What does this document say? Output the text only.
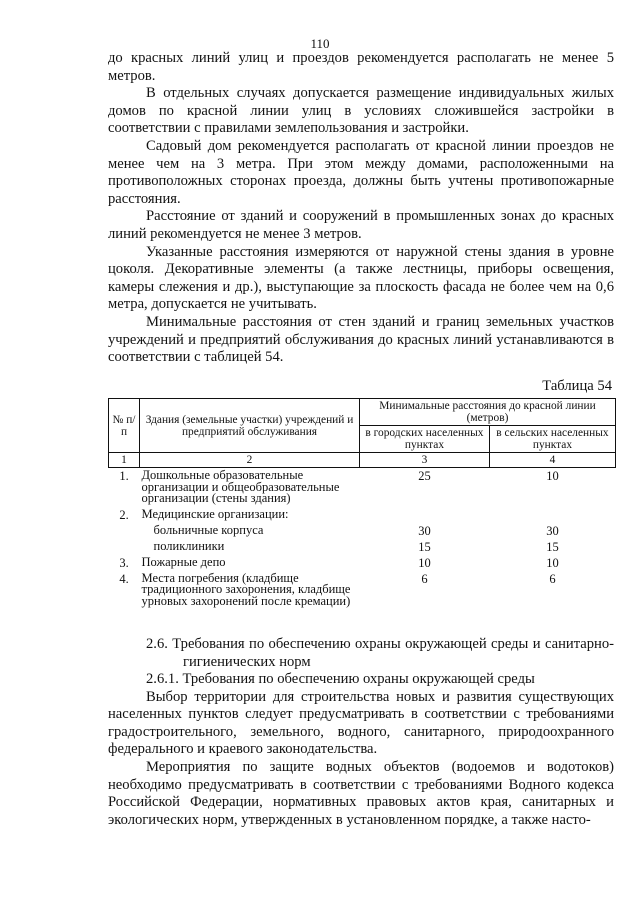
110

до красных линий улиц и проездов рекомендуется располагать не менее 5 метров.

В отдельных случаях допускается размещение индивидуальных жилых домов по красной линии улиц в условиях сложившейся застройки в соответствии с правилами землепользования и застройки.

Садовый дом рекомендуется располагать от красной линии проездов не менее чем на 3 метра. При этом между домами, расположенными на противоположных сторонах проезда, должны быть учтены противопожарные расстояния.

Расстояние от зданий и сооружений в промышленных зонах до красных линий рекомендуется не менее 3 метров.

Указанные расстояния измеряются от наружной стены здания в уровне цоколя. Декоративные элементы (а также лестницы, приборы освещения, камеры слежения и др.), выступающие за плоскость фасада не более чем на 0,6 метра, допускается не учитывать.

Минимальные расстояния от стен зданий и границ земельных участков учреждений и предприятий обслуживания до красных линий устанавливаются в соответствии с таблицей 54.

Таблица 54
№ п/п	Здания (земельные участки) учреждений и предприятий обслуживания	Минимальные расстояния до красной линии (метров)	
		в городских населенных пунктах	в сельских населенных пунктах
1	2	3	4
1.	Дошкольные образовательные организации и общеобразовательные организации (стены здания)	25	10
2.	Медицинские организации:		
	больничные корпуса	30	30
	поликлиники	15	15
3.	Пожарные депо	10	10
4.	Места погребения (кладбище традиционного захоронения, кладбище урновых захоронений после кремации)	6	6
2.6. Требования по обеспечению охраны окружающей среды и санитарно-гигиенических норм

2.6.1. Требования по обеспечению охраны окружающей среды

Выбор территории для строительства новых и развития существующих населенных пунктов следует предусматривать в соответствии с требованиями градостроительного, земельного, водного, санитарного, природоохранного федерального и краевого законодательства.

Мероприятия по защите водных объектов (водоемов и водотоков) необходимо предусматривать в соответствии с требованиями Водного кодекса Российской Федерации, нормативных правовых актов края, санитарных и экологических норм, утвержденных в установленном порядке, а также насто-
